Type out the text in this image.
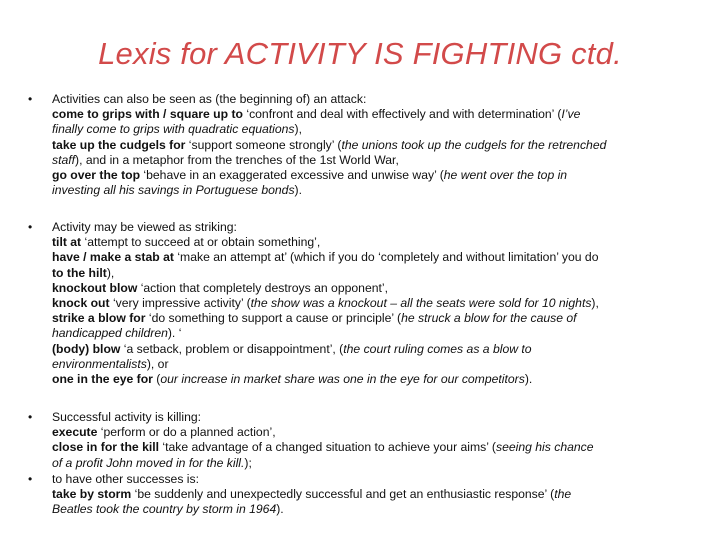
Lexis for ACTIVITY IS FIGHTING ctd.
• Activities can also be seen as (the beginning of) an attack:
come to grips with / square up to ‘confront and deal with effectively and with determination’ (I’ve
finally come to grips with quadratic equations),
take up the cudgels for ‘support someone strongly’ (the unions took up the cudgels for the retrenched
staff), and in a metaphor from the trenches of the 1st World War,
go over the top ‘behave in an exaggerated excessive and unwise way’ (he went over the top in
investing all his savings in Portuguese bonds).
• Activity may be viewed as striking:
tilt at ‘attempt to succeed at or obtain something’,
have / make a stab at ‘make an attempt at’ (which if you do ‘completely and without limitation’ you do
to the hilt),
knockout blow ‘action that completely destroys an opponent’,
knock out ‘very impressive activity’ (the show was a knockout – all the seats were sold for 10 nights),
strike a blow for ‘do something to support a cause or principle’ (he struck a blow for the cause of
handicapped children). ‘
(body) blow ‘a setback, problem or disappointment’, (the court ruling comes as a blow to
environmentalists), or
one in the eye for (our increase in market share was one in the eye for our competitors).
• Successful activity is killing:
execute ‘perform or do a planned action’,
close in for the kill ‘take advantage of a changed situation to achieve your aims’ (seeing his chance
of a profit John moved in for the kill.);
• to have other successes is:
take by storm ‘be suddenly and unexpectedly successful and get an enthusiastic response’ (the
Beatles took the country by storm in 1964).
